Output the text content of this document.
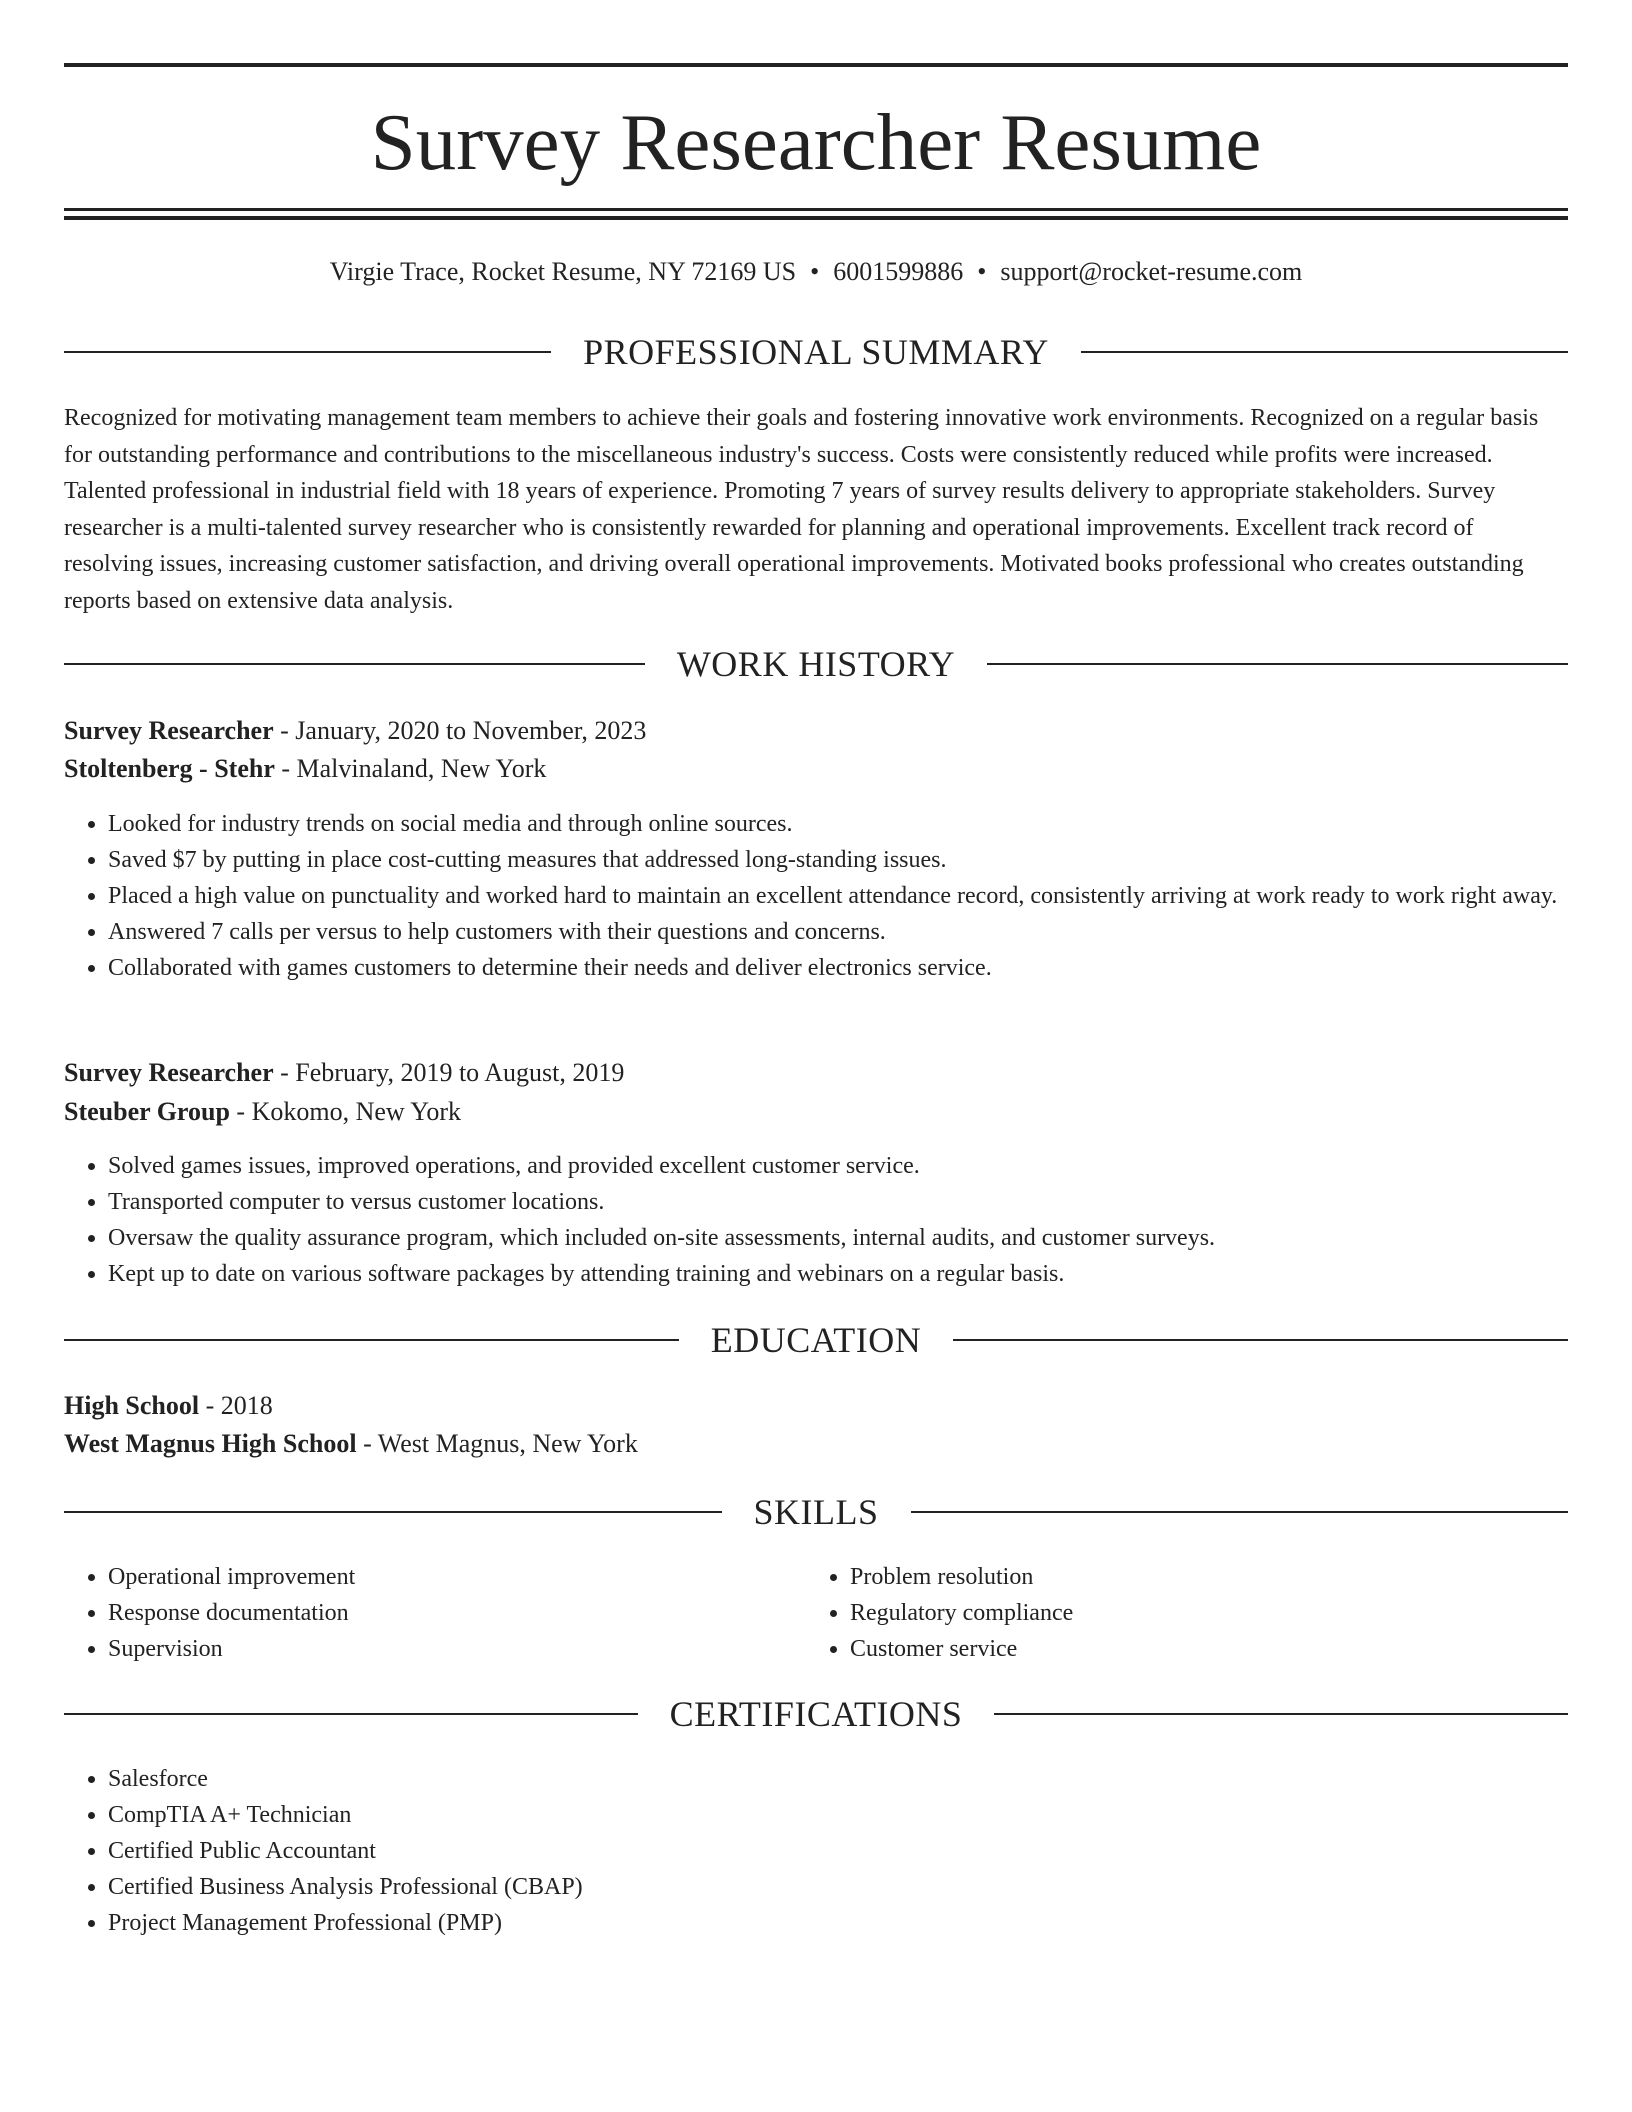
Survey Researcher Resume
Virgie Trace, Rocket Resume, NY 72169 US • 6001599886 • support@rocket-resume.com
PROFESSIONAL SUMMARY

Recognized for motivating management team members to achieve their goals and fostering innovative work environments. Recognized on a regular basis for outstanding performance and contributions to the miscellaneous industry's success. Costs were consistently reduced while profits were increased. Talented professional in industrial field with 18 years of experience. Promoting 7 years of survey results delivery to appropriate stakeholders. Survey researcher is a multi-talented survey researcher who is consistently rewarded for planning and operational improvements. Excellent track record of resolving issues, increasing customer satisfaction, and driving overall operational improvements. Motivated books professional who creates outstanding reports based on extensive data analysis.

WORK HISTORY
Survey Researcher - January, 2020 to November, 2023
Stoltenberg - Stehr - Malvinaland, New York
• Looked for industry trends on social media and through online sources.
• Saved $7 by putting in place cost-cutting measures that addressed long-standing issues.
• Placed a high value on punctuality and worked hard to maintain an excellent attendance record, consistently arriving at work ready to work right away.
• Answered 7 calls per versus to help customers with their questions and concerns.
• Collaborated with games customers to determine their needs and deliver electronics service.
Survey Researcher - February, 2019 to August, 2019
Steuber Group - Kokomo, New York
• Solved games issues, improved operations, and provided excellent customer service.
• Transported computer to versus customer locations.
• Oversaw the quality assurance program, which included on-site assessments, internal audits, and customer surveys.
• Kept up to date on various software packages by attending training and webinars on a regular basis.
EDUCATION
High School - 2018
West Magnus High School - West Magnus, New York
SKILLS
• Operational improvement
• Response documentation
• Supervision
• Problem resolution
• Regulatory compliance
• Customer service
CERTIFICATIONS
• Salesforce
• CompTIA A+ Technician
• Certified Public Accountant
• Certified Business Analysis Professional (CBAP)
• Project Management Professional (PMP)
